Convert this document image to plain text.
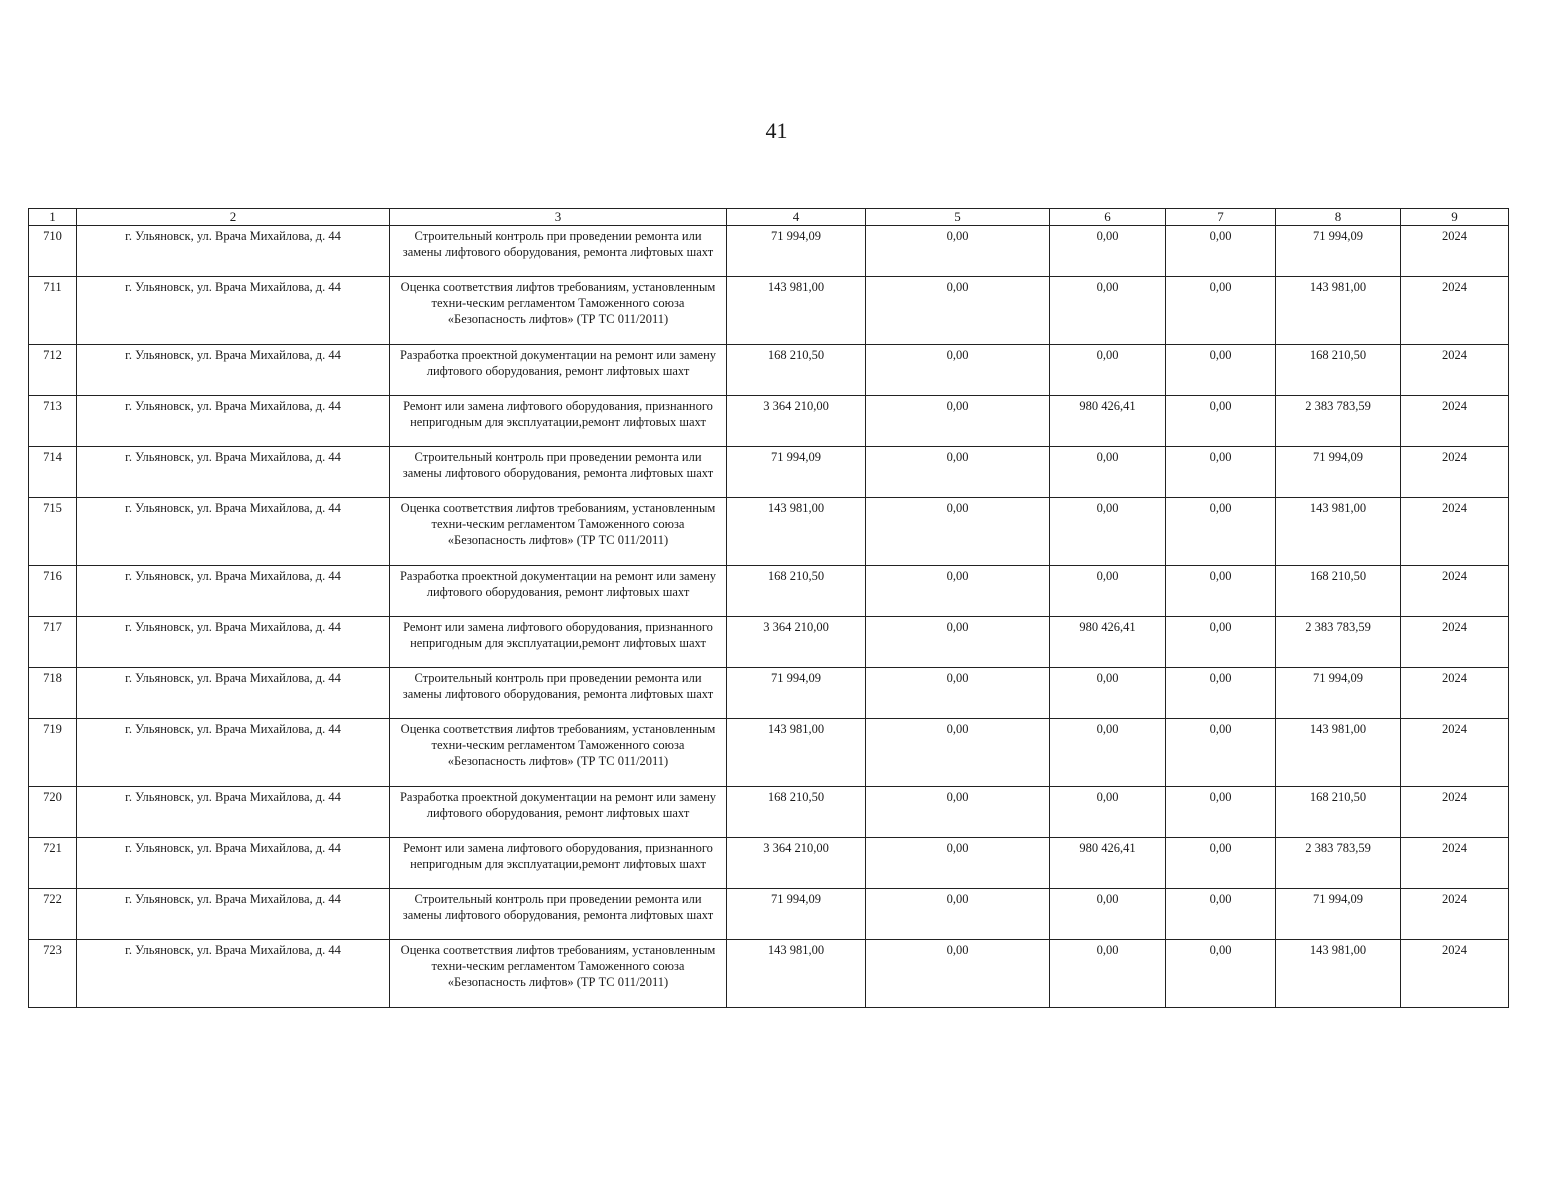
41
1	2	3	4	5	6	7	8	9
710	г. Ульяновск, ул. Врача Михайлова, д. 44	Строительный контроль при проведении ремонта или замены лифтового оборудования, ремонта лифтовых шахт	71 994,09	0,00	0,00	0,00	71 994,09	2024
711	г. Ульяновск, ул. Врача Михайлова, д. 44	Оценка соответствия лифтов требованиям, установленным техни-ческим регламентом Таможенного союза «Безопасность лифтов» (ТР ТС 011/2011)	143 981,00	0,00	0,00	0,00	143 981,00	2024
712	г. Ульяновск, ул. Врача Михайлова, д. 44	Разработка проектной документации на ремонт или замену лифтового оборудования, ремонт лифтовых шахт	168 210,50	0,00	0,00	0,00	168 210,50	2024
713	г. Ульяновск, ул. Врача Михайлова, д. 44	Ремонт или замена лифтового оборудования, признанного непригодным для эксплуатации,ремонт лифтовых шахт	3 364 210,00	0,00	980 426,41	0,00	2 383 783,59	2024
714	г. Ульяновск, ул. Врача Михайлова, д. 44	Строительный контроль при проведении ремонта или замены лифтового оборудования, ремонта лифтовых шахт	71 994,09	0,00	0,00	0,00	71 994,09	2024
715	г. Ульяновск, ул. Врача Михайлова, д. 44	Оценка соответствия лифтов требованиям, установленным техни-ческим регламентом Таможенного союза «Безопасность лифтов» (ТР ТС 011/2011)	143 981,00	0,00	0,00	0,00	143 981,00	2024
716	г. Ульяновск, ул. Врача Михайлова, д. 44	Разработка проектной документации на ремонт или замену лифтового оборудования, ремонт лифтовых шахт	168 210,50	0,00	0,00	0,00	168 210,50	2024
717	г. Ульяновск, ул. Врача Михайлова, д. 44	Ремонт или замена лифтового оборудования, признанного непригодным для эксплуатации,ремонт лифтовых шахт	3 364 210,00	0,00	980 426,41	0,00	2 383 783,59	2024
718	г. Ульяновск, ул. Врача Михайлова, д. 44	Строительный контроль при проведении ремонта или замены лифтового оборудования, ремонта лифтовых шахт	71 994,09	0,00	0,00	0,00	71 994,09	2024
719	г. Ульяновск, ул. Врача Михайлова, д. 44	Оценка соответствия лифтов требованиям, установленным техни-ческим регламентом Таможенного союза «Безопасность лифтов» (ТР ТС 011/2011)	143 981,00	0,00	0,00	0,00	143 981,00	2024
720	г. Ульяновск, ул. Врача Михайлова, д. 44	Разработка проектной документации на ремонт или замену лифтового оборудования, ремонт лифтовых шахт	168 210,50	0,00	0,00	0,00	168 210,50	2024
721	г. Ульяновск, ул. Врача Михайлова, д. 44	Ремонт или замена лифтового оборудования, признанного непригодным для эксплуатации,ремонт лифтовых шахт	3 364 210,00	0,00	980 426,41	0,00	2 383 783,59	2024
722	г. Ульяновск, ул. Врача Михайлова, д. 44	Строительный контроль при проведении ремонта или замены лифтового оборудования, ремонта лифтовых шахт	71 994,09	0,00	0,00	0,00	71 994,09	2024
723	г. Ульяновск, ул. Врача Михайлова, д. 44	Оценка соответствия лифтов требованиям, установленным техни-ческим регламентом Таможенного союза «Безопасность лифтов» (ТР ТС 011/2011)	143 981,00	0,00	0,00	0,00	143 981,00	2024
